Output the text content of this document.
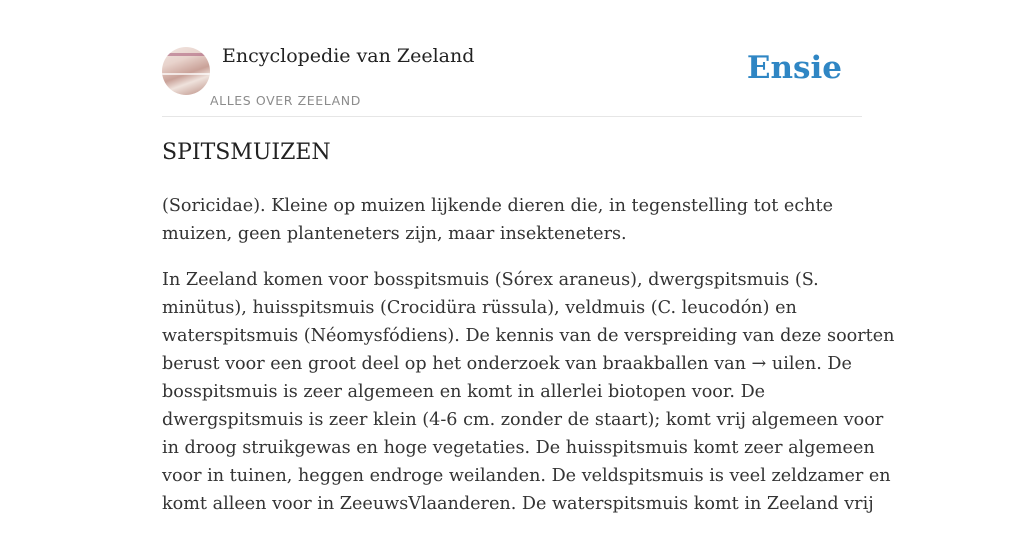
Encyclopedie van Zeeland
ALLES OVER ZEELAND
Ensie
SPITSMUIZEN

(Soricidae). Kleine op muizen lijkende dieren die, in tegenstelling tot echte
muizen, geen planteneters zijn, maar insekteneters.

In Zeeland komen voor bosspitsmuis (Sórex araneus), dwergspitsmuis (S.
minütus), huisspitsmuis (Crocidüra rüssula), veldmuis (C. leucodón) en
waterspitsmuis (Néomysfódiens). De kennis van de verspreiding van deze soorten
berust voor een groot deel op het onderzoek van braakballen van → uilen. De
bosspitsmuis is zeer algemeen en komt in allerlei biotopen voor. De
dwergspitsmuis is zeer klein (4-6 cm. zonder de staart); komt vrij algemeen voor
in droog struikgewas en hoge vegetaties. De huisspitsmuis komt zeer algemeen
voor in tuinen, heggen endroge weilanden. De veldspitsmuis is veel zeldzamer en
komt alleen voor in ZeeuwsVlaanderen. De waterspitsmuis komt in Zeeland vrij
